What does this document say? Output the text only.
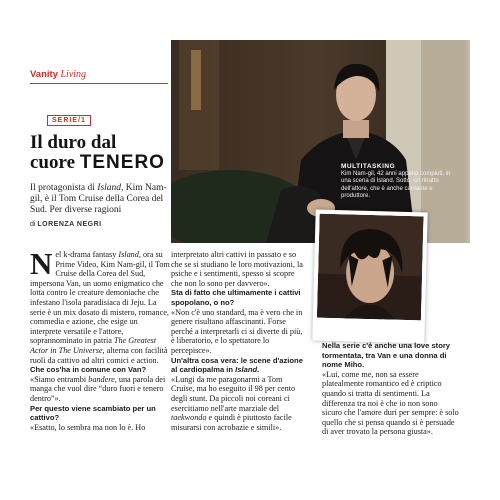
Vanity Living
SERIE/1
Il duro dal
cuore TENERO
Il protagonista di Island, Kim Nam-gil, è il Tom Cruise della Corea del Sud. Per diverse ragioni
di LORENZA NEGRI
MULTITASKING
Kim Nam-gil, 42 anni appena compiuti, in una scena di Island. Sotto, un ritratto dell'attore, che è anche cantante e produttore.
N el k-drama fantasy Island, ora su Prime Video, Kim Nam-gil, il Tom Cruise della Corea del Sud, impersona Van, un uomo enigmatico che lotta contro le creature demoniache che infestano l'isola paradisiaca di Jeju. La serie è un mix dosato di mistero, romance, commedia e azione, che esige un interprete versatile e l'attore, soprannominato in patria The Greatest Actor in The Universe, alterna con facilità ruoli da cattivo ad altri comici e action.

Che cos'ha in comune con Van?

«Siamo entrambi bandere, una parola dei manga che vuol dire “duro fuori e tenero dentro”».

Per questo viene scambiato per un cattivo?

«Esatto, lo sembra ma non lo è. Ho

interpretato altri cattivi in passato e so che se si studiano le loro motivazioni, la psiche e i sentimenti, spesso si scopre che non lo sono per davvero».

Sta di fatto che ultimamente i cattivi spopolano, o no?

«Non c'è uno standard, ma è vero che in genere risultano affascinanti. Forse perché a interpretarli ci si diverte di più, è liberatorio, e lo spettatore lo percepisce».

Un'altra cosa vera: le scene d'azione al cardiopalma in Island.

«Lungi da me paragonarmi a Tom Cruise, ma ho eseguito il 98 per cento degli stunt. Da piccoli noi coreani ci esercitiamo nell'arte marziale del taekwondo e quindi è piuttosto facile misurarsi con acrobazie e simili».

Nella serie c'è anche una love story tormentata, tra Van e una donna di nome Miho.

«Lui, come me, non sa essere platealmente romantico ed è criptico quando si tratta di sentimenti. La differenza tra noi è che io non sono sicuro che l'amore duri per sempre: è solo quello che si pensa quando si è persuade di aver trovato la persona giusta».
